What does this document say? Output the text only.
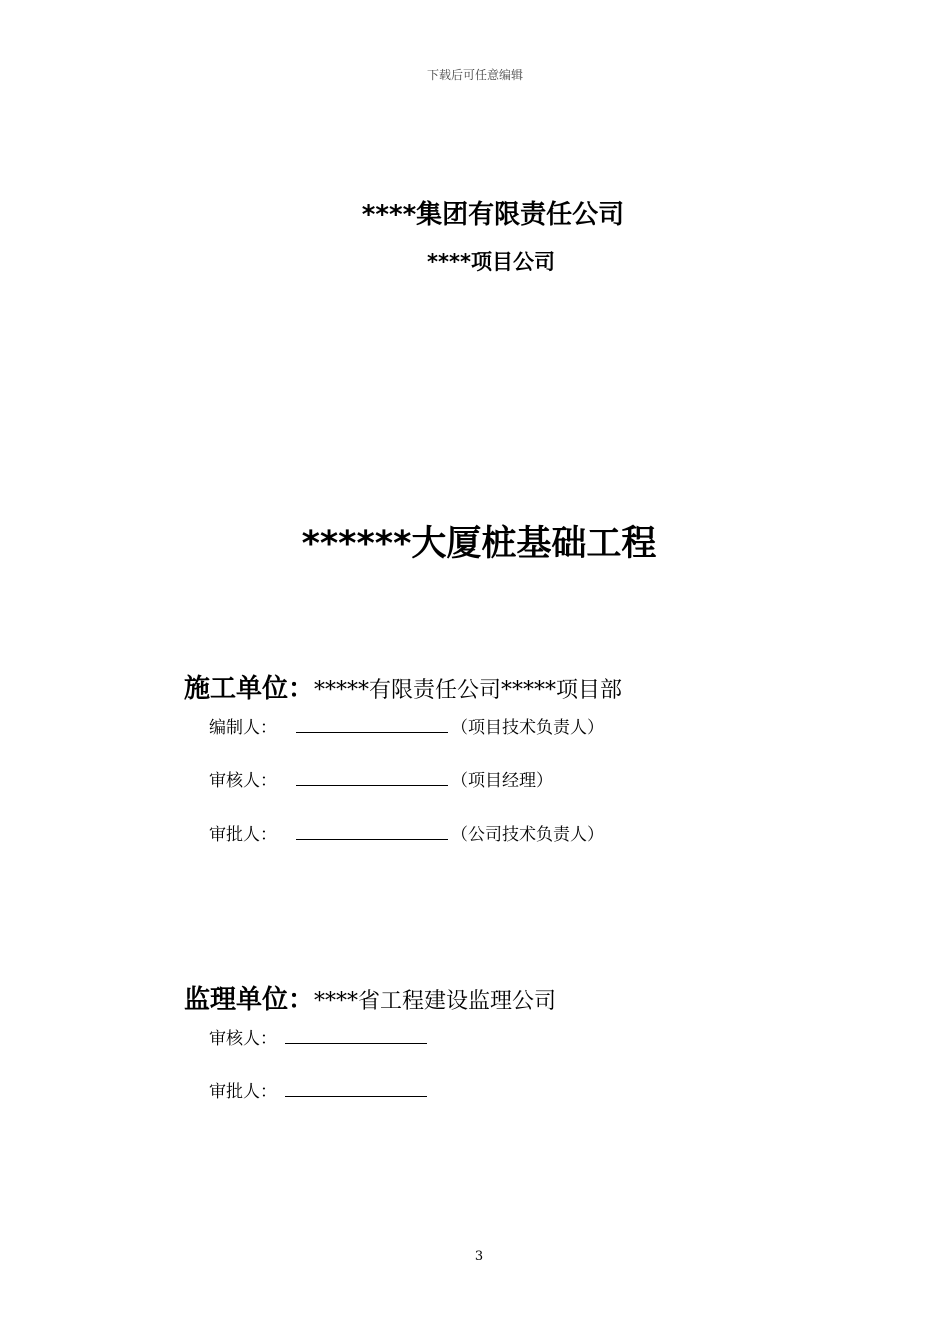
下载后可任意编辑
****集团有限责任公司
****项目公司
******大厦桩基础工程
施工单位：*****有限责任公司*****项目部
编制人：	（项目技术负责人）
审核人：	（项目经理）
审批人：	（公司技术负责人）
监理单位：****省工程建设监理公司
审核人：
审批人：
3
